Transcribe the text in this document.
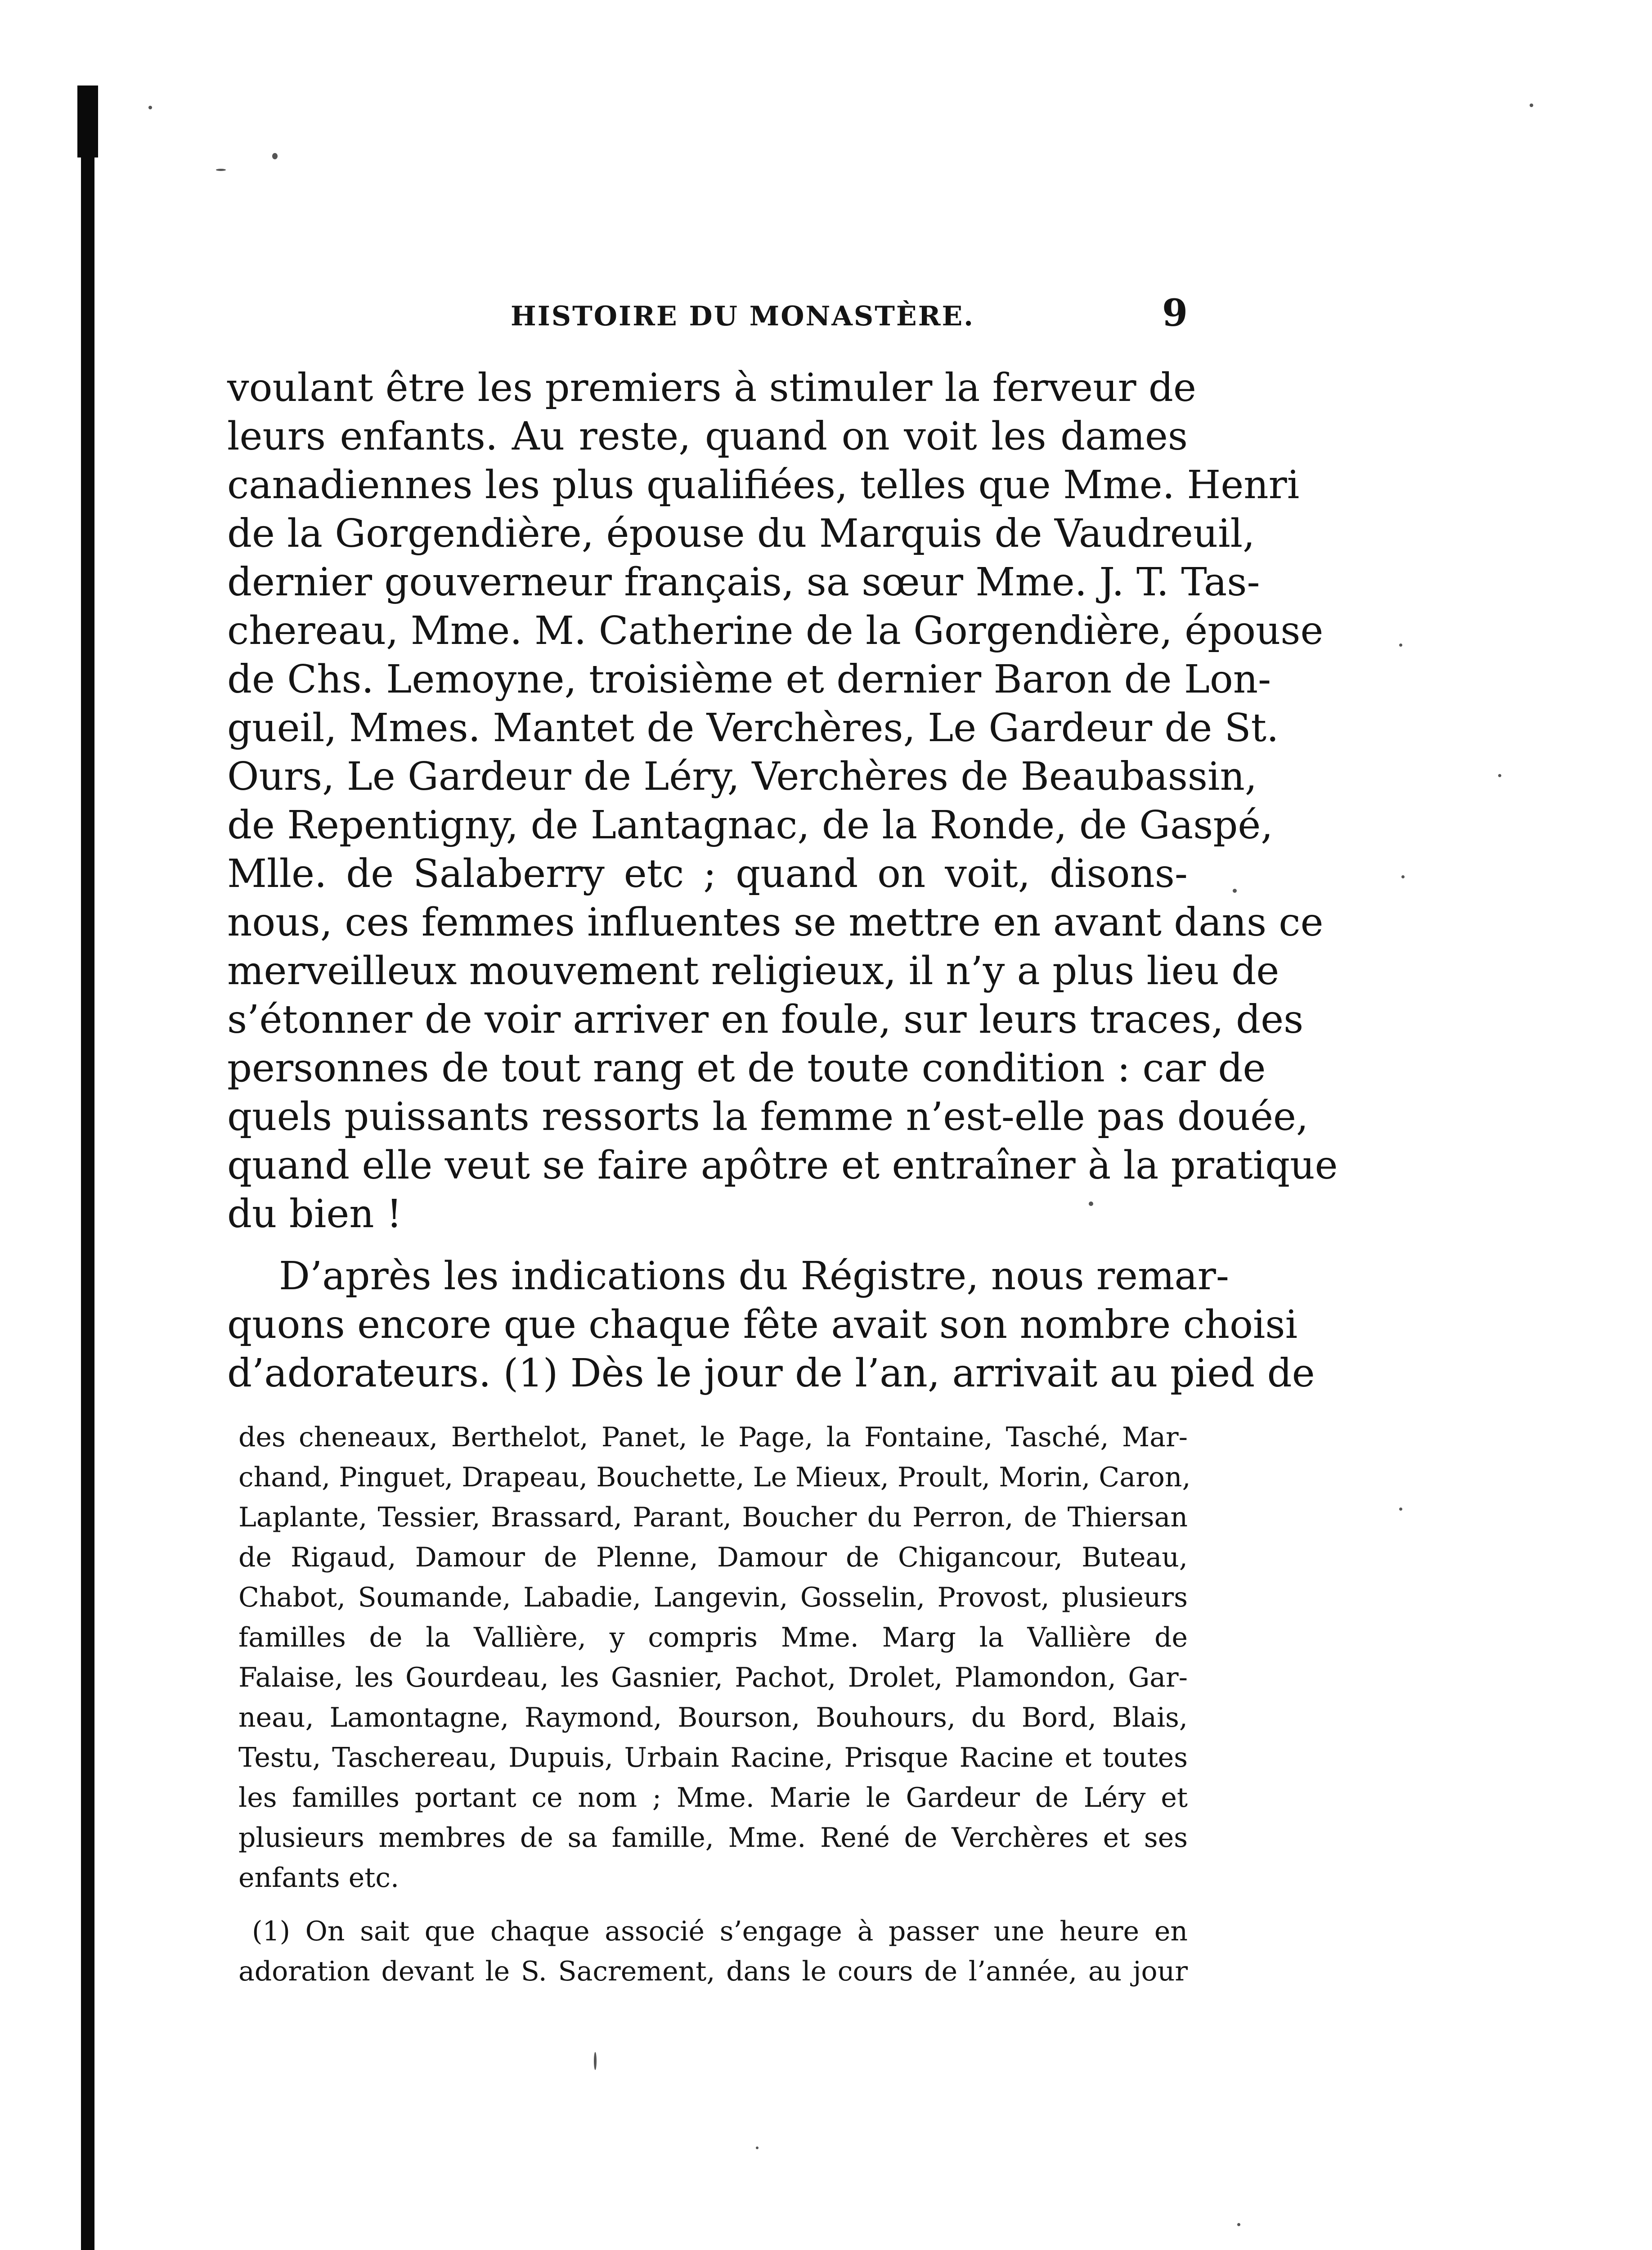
HISTOIRE DU MONASTÈRE.	9
voulant être les premiers à stimuler la ferveur de
leurs enfants. Au reste, quand on voit les dames
canadiennes les plus qualifiées, telles que Mme. Henri
de la Gorgendière, épouse du Marquis de Vaudreuil,
dernier gouverneur français, sa sœur Mme. J. T. Tas-
chereau, Mme. M. Catherine de la Gorgendière, épouse
de Chs. Lemoyne, troisième et dernier Baron de Lon-
gueil, Mmes. Mantet de Verchères, Le Gardeur de St.
Ours, Le Gardeur de Léry, Verchères de Beaubassin,
de Repentigny, de Lantagnac, de la Ronde, de Gaspé,
Mlle. de Salaberry etc ; quand on voit, disons-
nous, ces femmes influentes se mettre en avant dans ce
merveilleux mouvement religieux, il n’y a plus lieu de
s’étonner de voir arriver en foule, sur leurs traces, des
personnes de tout rang et de toute condition : car de
quels puissants ressorts la femme n’est-elle pas douée,
quand elle veut se faire apôtre et entraîner à la pratique
du bien !
D’après les indications du Régistre, nous remar-
quons encore que chaque fête avait son nombre choisi
d’adorateurs. (1) Dès le jour de l’an, arrivait au pied de
des cheneaux, Berthelot, Panet, le Page, la Fontaine, Tasché, Mar-
chand, Pinguet, Drapeau, Bouchette, Le Mieux, Proult, Morin, Caron,
Laplante, Tessier, Brassard, Parant, Boucher du Perron, de Thiersan
de Rigaud, Damour de Plenne, Damour de Chigancour, Buteau,
Chabot, Soumande, Labadie, Langevin, Gosselin, Provost, plusieurs
familles de la Vallière, y compris Mme. Marg la Vallière de
Falaise, les Gourdeau, les Gasnier, Pachot, Drolet, Plamondon, Gar-
neau, Lamontagne, Raymond, Bourson, Bouhours, du Bord, Blais,
Testu, Taschereau, Dupuis, Urbain Racine, Prisque Racine et toutes
les familles portant ce nom ; Mme. Marie le Gardeur de Léry et
plusieurs membres de sa famille, Mme. René de Verchères et ses
enfants etc.
(1) On sait que chaque associé s’engage à passer une heure en
adoration devant le S. Sacrement, dans le cours de l’année, au jour
